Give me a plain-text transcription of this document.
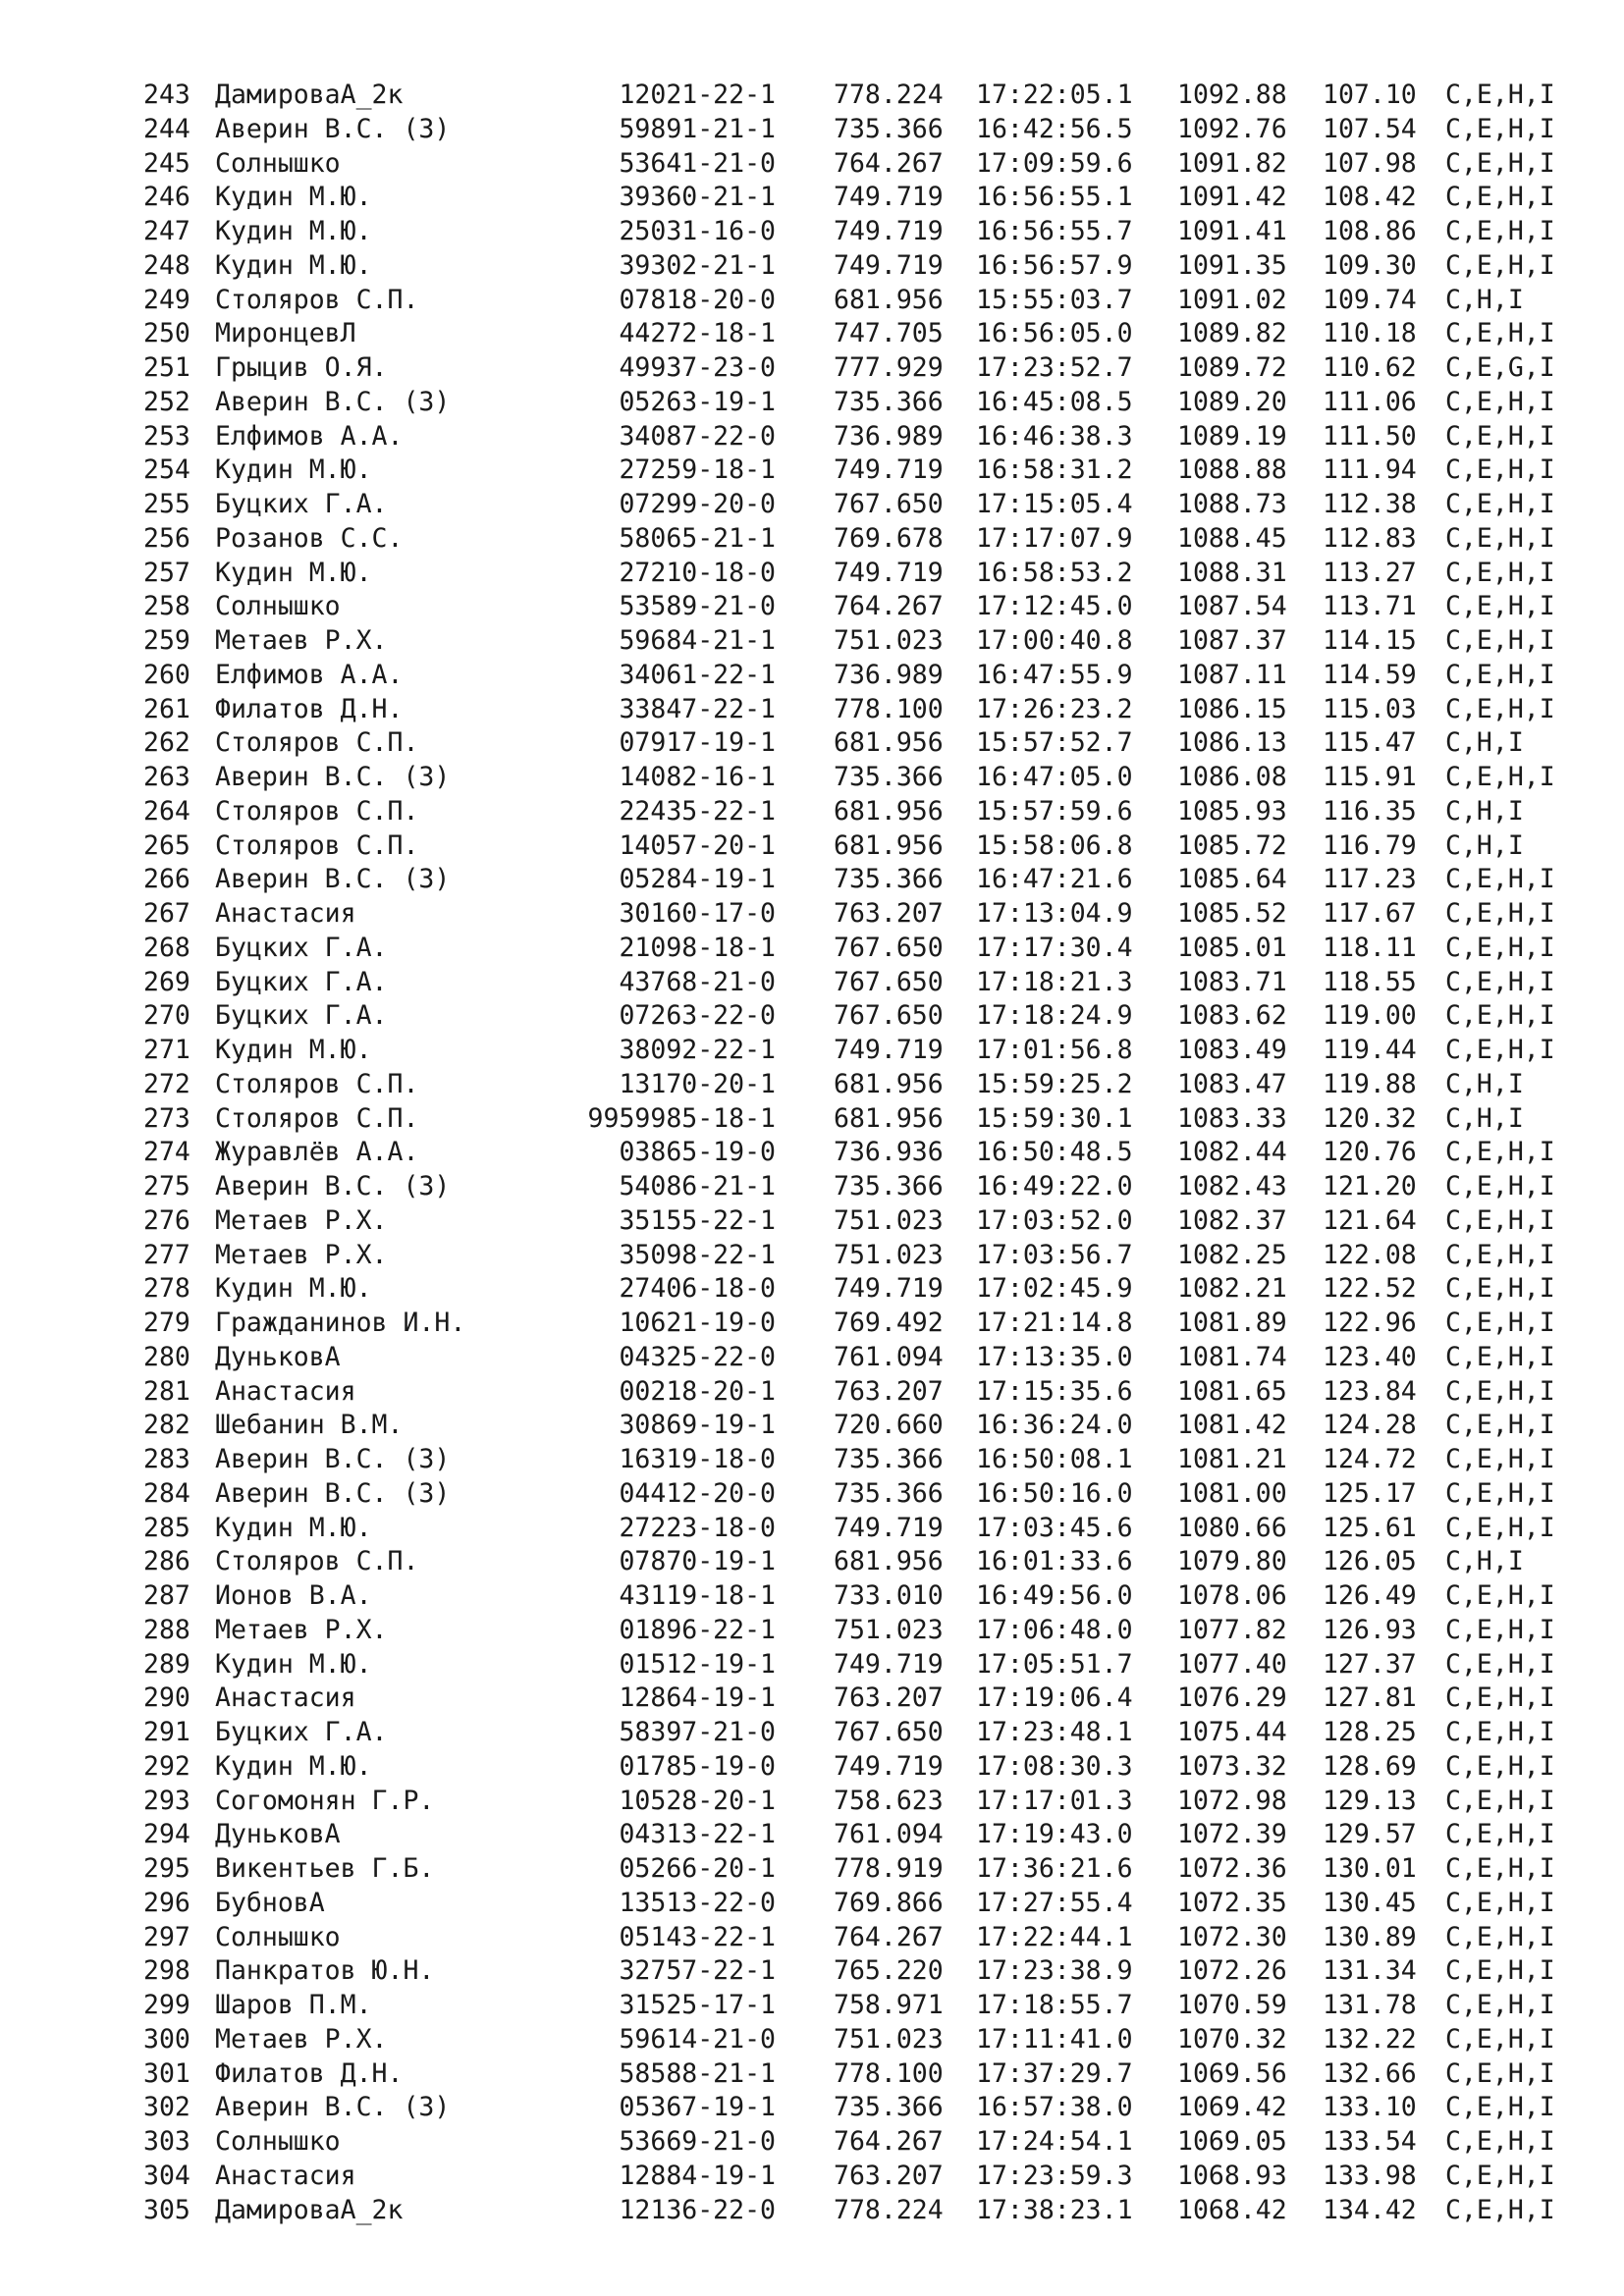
243 ДамироваА_2к	12021-22-1 778.224 17:22:05.1 1092.88 107.10 C,E,H,I
244 Аверин В.С. (З)	59891-21-1 735.366 16:42:56.5 1092.76 107.54 C,E,H,I
245 Солнышко	53641-21-0 764.267 17:09:59.6 1091.82 107.98 C,E,H,I
246 Кудин М.Ю.	39360-21-1 749.719 16:56:55.1 1091.42 108.42 C,E,H,I
247 Кудин М.Ю.	25031-16-0 749.719 16:56:55.7 1091.41 108.86 C,E,H,I
248 Кудин М.Ю.	39302-21-1 749.719 16:56:57.9 1091.35 109.30 C,E,H,I
249 Столяров С.П.	07818-20-0 681.956 15:55:03.7 1091.02 109.74 C,H,I
250 МиронцевЛ	44272-18-1 747.705 16:56:05.0 1089.82 110.18 C,E,H,I
251 Грыцив О.Я.	49937-23-0 777.929 17:23:52.7 1089.72 110.62 C,E,G,I
252 Аверин В.С. (З)	05263-19-1 735.366 16:45:08.5 1089.20 111.06 C,E,H,I
253 Елфимов А.А.	34087-22-0 736.989 16:46:38.3 1089.19 111.50 C,E,H,I
254 Кудин М.Ю.	27259-18-1 749.719 16:58:31.2 1088.88 111.94 C,E,H,I
255 Буцких Г.А.	07299-20-0 767.650 17:15:05.4 1088.73 112.38 C,E,H,I
256 Розанов С.С.	58065-21-1 769.678 17:17:07.9 1088.45 112.83 C,E,H,I
257 Кудин М.Ю.	27210-18-0 749.719 16:58:53.2 1088.31 113.27 C,E,H,I
258 Солнышко	53589-21-0 764.267 17:12:45.0 1087.54 113.71 C,E,H,I
259 Метаев Р.Х.	59684-21-1 751.023 17:00:40.8 1087.37 114.15 C,E,H,I
260 Елфимов А.А.	34061-22-1 736.989 16:47:55.9 1087.11 114.59 C,E,H,I
261 Филатов Д.Н.	33847-22-1 778.100 17:26:23.2 1086.15 115.03 C,E,H,I
262 Столяров С.П.	07917-19-1 681.956 15:57:52.7 1086.13 115.47 C,H,I
263 Аверин В.С. (З)	14082-16-1 735.366 16:47:05.0 1086.08 115.91 C,E,H,I
264 Столяров С.П.	22435-22-1 681.956 15:57:59.6 1085.93 116.35 C,H,I
265 Столяров С.П.	14057-20-1 681.956 15:58:06.8 1085.72 116.79 C,H,I
266 Аверин В.С. (З)	05284-19-1 735.366 16:47:21.6 1085.64 117.23 C,E,H,I
267 Анастасия	30160-17-0 763.207 17:13:04.9 1085.52 117.67 C,E,H,I
268 Буцких Г.А.	21098-18-1 767.650 17:17:30.4 1085.01 118.11 C,E,H,I
269 Буцких Г.А.	43768-21-0 767.650 17:18:21.3 1083.71 118.55 C,E,H,I
270 Буцких Г.А.	07263-22-0 767.650 17:18:24.9 1083.62 119.00 C,E,H,I
271 Кудин М.Ю.	38092-22-1 749.719 17:01:56.8 1083.49 119.44 C,E,H,I
272 Столяров С.П.	13170-20-1 681.956 15:59:25.2 1083.47 119.88 C,H,I
273 Столяров С.П.	9959985-18-1 681.956 15:59:30.1 1083.33 120.32 C,H,I
274 Журавлёв А.А.	03865-19-0 736.936 16:50:48.5 1082.44 120.76 C,E,H,I
275 Аверин В.С. (З)	54086-21-1 735.366 16:49:22.0 1082.43 121.20 C,E,H,I
276 Метаев Р.Х.	35155-22-1 751.023 17:03:52.0 1082.37 121.64 C,E,H,I
277 Метаев Р.Х.	35098-22-1 751.023 17:03:56.7 1082.25 122.08 C,E,H,I
278 Кудин М.Ю.	27406-18-0 749.719 17:02:45.9 1082.21 122.52 C,E,H,I
279 Гражданинов И.Н.	10621-19-0 769.492 17:21:14.8 1081.89 122.96 C,E,H,I
280 ДуньковА	04325-22-0 761.094 17:13:35.0 1081.74 123.40 C,E,H,I
281 Анастасия	00218-20-1 763.207 17:15:35.6 1081.65 123.84 C,E,H,I
282 Шебанин В.М.	30869-19-1 720.660 16:36:24.0 1081.42 124.28 C,E,H,I
283 Аверин В.С. (З)	16319-18-0 735.366 16:50:08.1 1081.21 124.72 C,E,H,I
284 Аверин В.С. (З)	04412-20-0 735.366 16:50:16.0 1081.00 125.17 C,E,H,I
285 Кудин М.Ю.	27223-18-0 749.719 17:03:45.6 1080.66 125.61 C,E,H,I
286 Столяров С.П.	07870-19-1 681.956 16:01:33.6 1079.80 126.05 C,H,I
287 Ионов В.А.	43119-18-1 733.010 16:49:56.0 1078.06 126.49 C,E,H,I
288 Метаев Р.Х.	01896-22-1 751.023 17:06:48.0 1077.82 126.93 C,E,H,I
289 Кудин М.Ю.	01512-19-1 749.719 17:05:51.7 1077.40 127.37 C,E,H,I
290 Анастасия	12864-19-1 763.207 17:19:06.4 1076.29 127.81 C,E,H,I
291 Буцких Г.А.	58397-21-0 767.650 17:23:48.1 1075.44 128.25 C,E,H,I
292 Кудин М.Ю.	01785-19-0 749.719 17:08:30.3 1073.32 128.69 C,E,H,I
293 Согомонян Г.Р.	10528-20-1 758.623 17:17:01.3 1072.98 129.13 C,E,H,I
294 ДуньковА	04313-22-1 761.094 17:19:43.0 1072.39 129.57 C,E,H,I
295 Викентьев Г.Б.	05266-20-1 778.919 17:36:21.6 1072.36 130.01 C,E,H,I
296 БубновА	13513-22-0 769.866 17:27:55.4 1072.35 130.45 C,E,H,I
297 Солнышко	05143-22-1 764.267 17:22:44.1 1072.30 130.89 C,E,H,I
298 Панкратов Ю.Н.	32757-22-1 765.220 17:23:38.9 1072.26 131.34 C,E,H,I
299 Шаров П.М.	31525-17-1 758.971 17:18:55.7 1070.59 131.78 C,E,H,I
300 Метаев Р.Х.	59614-21-0 751.023 17:11:41.0 1070.32 132.22 C,E,H,I
301 Филатов Д.Н.	58588-21-1 778.100 17:37:29.7 1069.56 132.66 C,E,H,I
302 Аверин В.С. (З)	05367-19-1 735.366 16:57:38.0 1069.42 133.10 C,E,H,I
303 Солнышко	53669-21-0 764.267 17:24:54.1 1069.05 133.54 C,E,H,I
304 Анастасия	12884-19-1 763.207 17:23:59.3 1068.93 133.98 C,E,H,I
305 ДамироваА_2к	12136-22-0 778.224 17:38:23.1 1068.42 134.42 C,E,H,I
